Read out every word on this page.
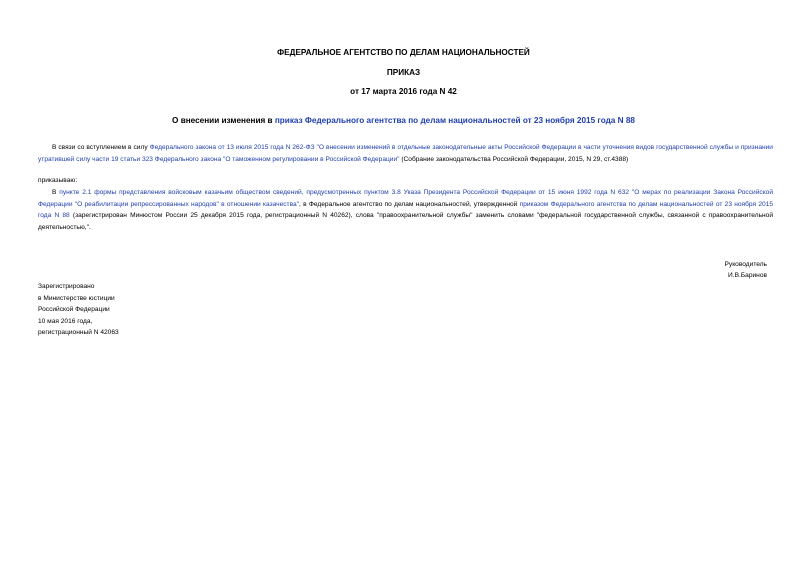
ФЕДЕРАЛЬНОЕ АГЕНТСТВО ПО ДЕЛАМ НАЦИОНАЛЬНОСТЕЙ
ПРИКАЗ
от 17 марта 2016 года N 42
О внесении изменения в приказ Федерального агентства по делам национальностей от 23 ноября 2015 года N 88
В связи со вступлением в силу Федерального закона от 13 июля 2015 года N 262-ФЗ "О внесении изменений в отдельные законодательные акты Российской Федерации в части уточнения видов государственной службы и признании утратившей силу части 19 статьи 323 Федерального закона "О таможенном регулировании в Российской Федерации" (Собрание законодательства Российской Федерации, 2015, N 29, ст.4388)
приказываю:
В пункте 2.1 формы представления войсковым казачьим обществом сведений, предусмотренных пунктом 3.8 Указа Президента Российской Федерации от 15 июня 1992 года N 632 "О мерах по реализации Закона Российской Федерации "О реабилитации репрессированных народов" в отношении казачества", в Федеральное агентство по делам национальностей, утвержденной приказом Федерального агентства по делам национальностей от 23 ноября 2015 года N 88 (зарегистрирован Минюстом России 25 декабря 2015 года, регистрационный N 40262), слова "правоохранительной службы" заменить словами "федеральной государственной службы, связанной с правоохранительной деятельностью,".
Руководитель
И.В.Баринов
Зарегистрировано
в Министерстве юстиции
Российской Федерации
10 мая 2016 года,
регистрационный N 42063
